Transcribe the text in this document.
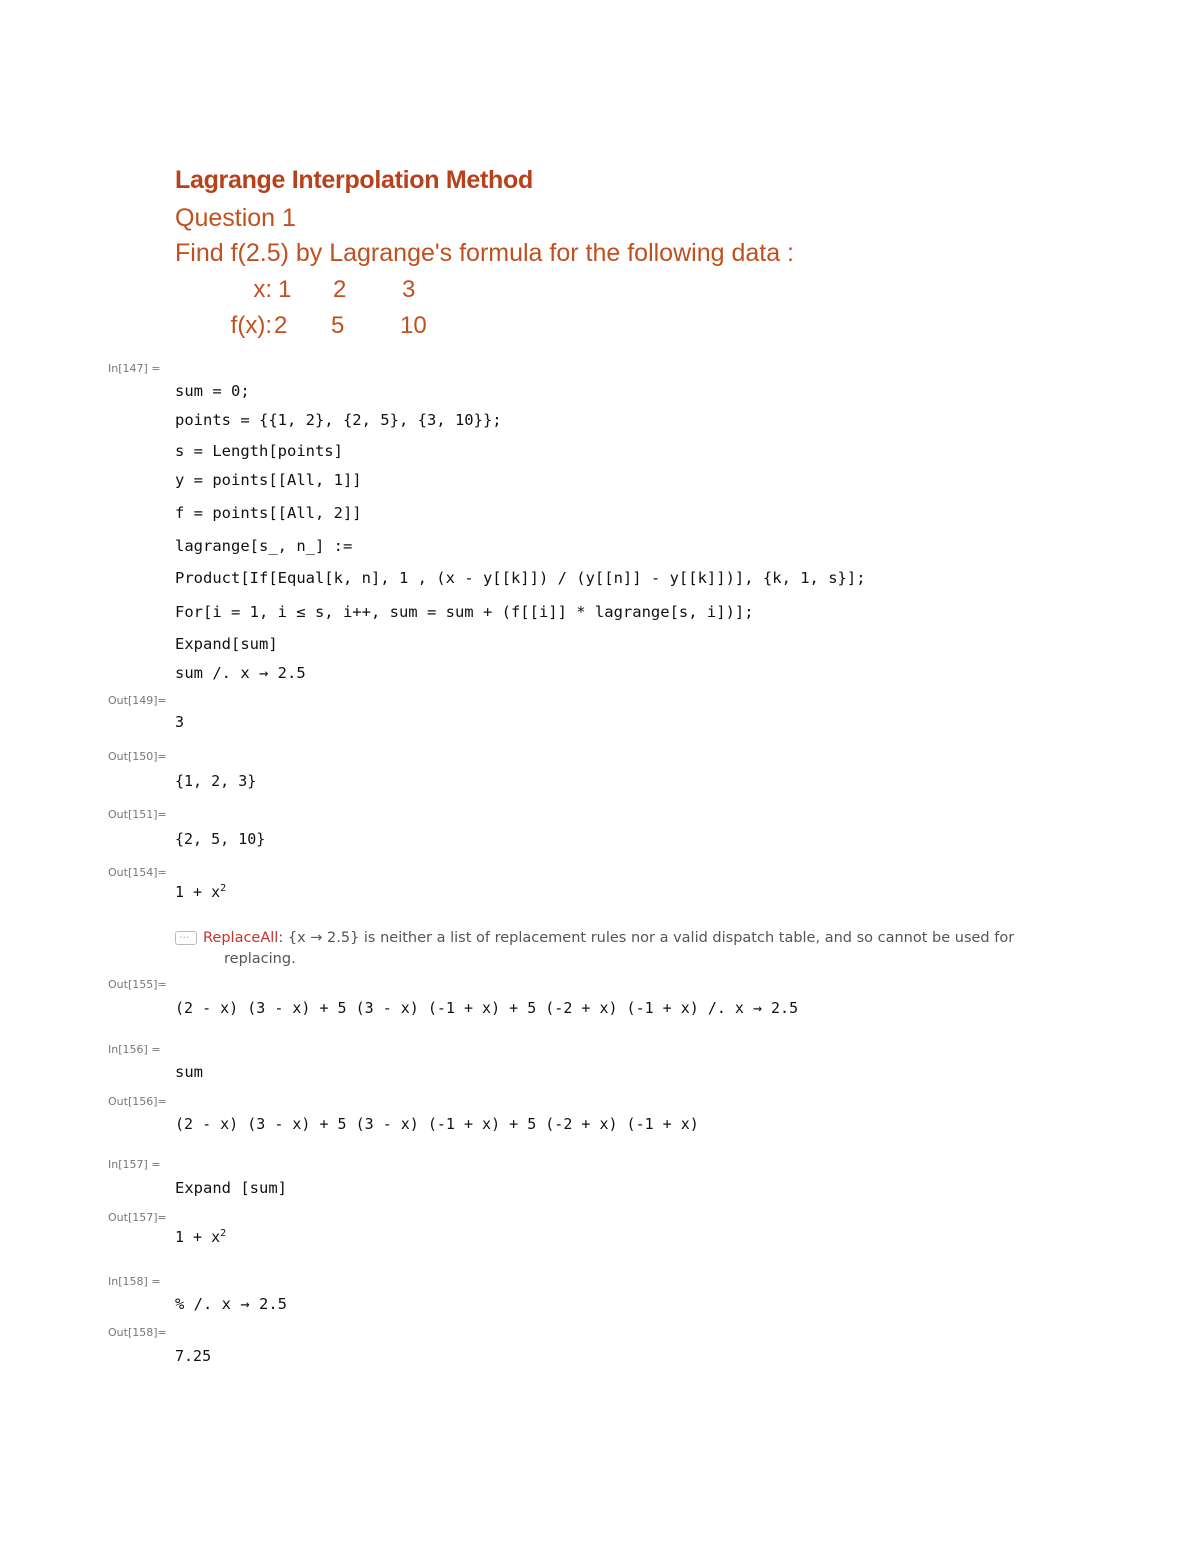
Lagrange Interpolation Method
Question 1
Find f(2.5) by Lagrange's formula for the following data :
x: 1 2 3
f(x): 2 5 10
In[147] =
sum = 0;
points = {{1, 2}, {2, 5}, {3, 10}};
s = Length[points]
y = points[[All, 1]]
f = points[[All, 2]]
lagrange[s_, n_] :=
Product[If[Equal[k, n], 1 , (x - y[[k]]) / (y[[n]] - y[[k]])], {k, 1, s}];
For[i = 1, i ≤ s, i++, sum = sum + (f[[i]] * lagrange[s, i])];
Expand[sum]
sum /. x → 2.5
Out[149]=
3
Out[150]=
{1, 2, 3}
Out[151]=
{2, 5, 10}
Out[154]=
$1 + x^2$
···ReplaceAll: {x → 2.5} is neither a list of replacement rules nor a valid dispatch table, and so cannot be used for
replacing.
Out[155]=
(2 - x) (3 - x) + 5 (3 - x) (-1 + x) + 5 (-2 + x) (-1 + x) /. x → 2.5
In[156] =
sum
Out[156]=
(2 - x) (3 - x) + 5 (3 - x) (-1 + x) + 5 (-2 + x) (-1 + x)
In[157] =
Expand [sum]
Out[157]=
$1 + x^2$
In[158] =
% /. x → 2.5
Out[158]=
7.25
